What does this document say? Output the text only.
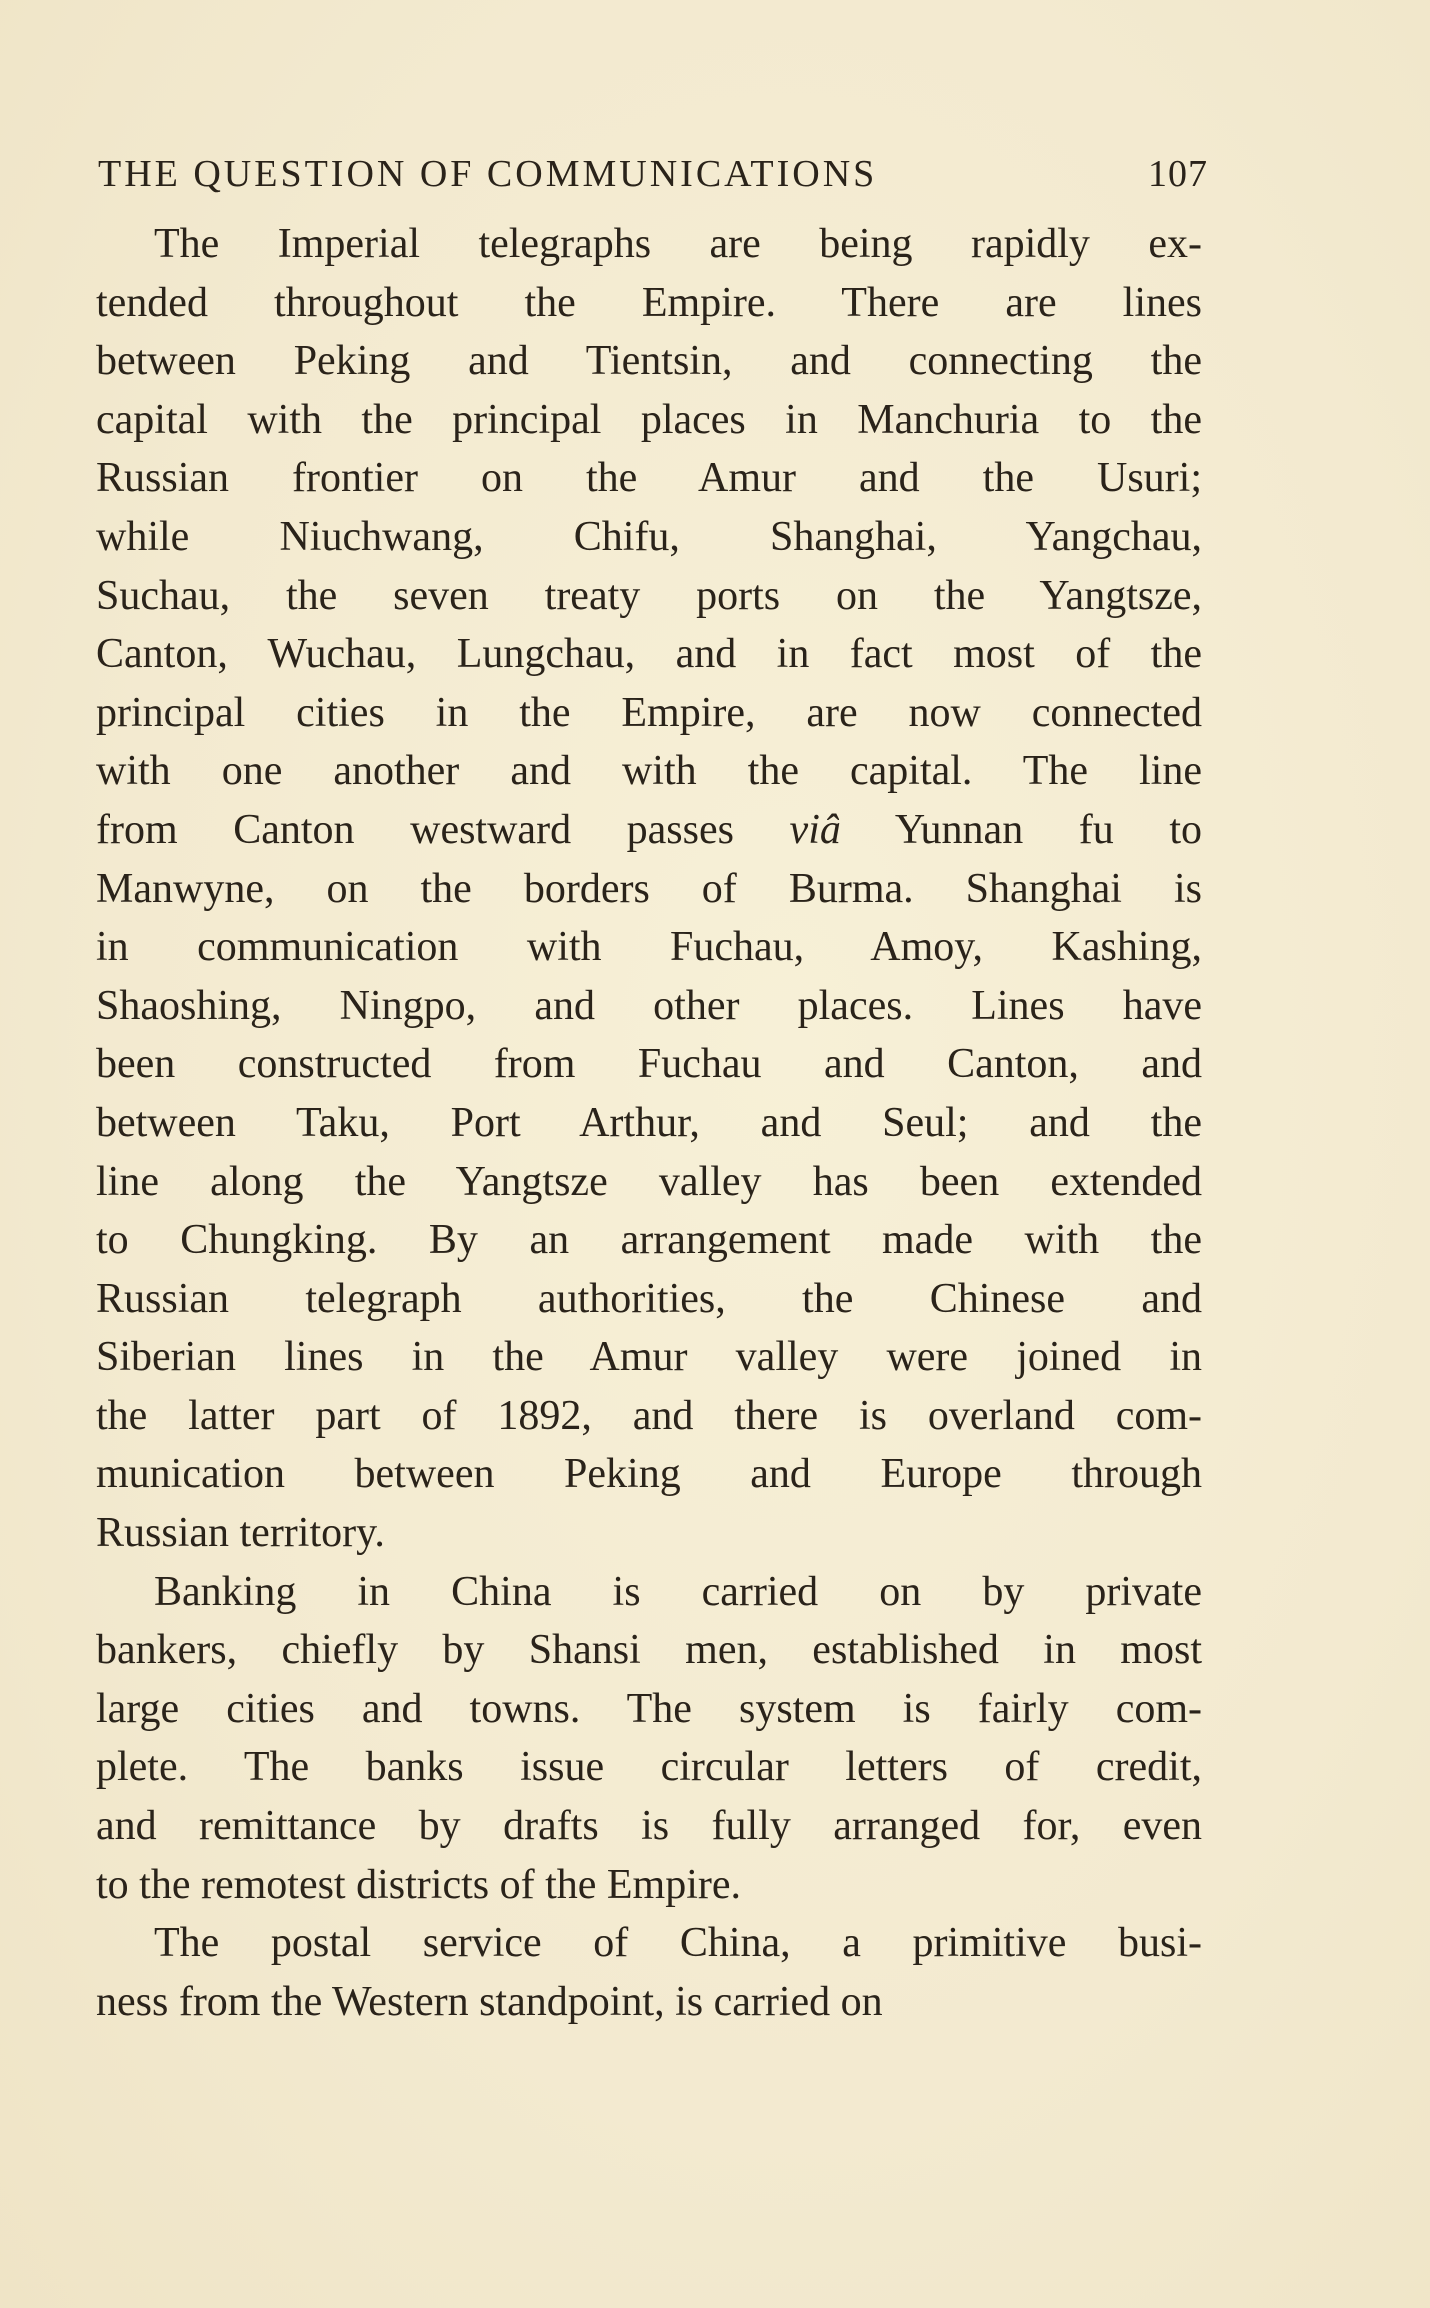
THE QUESTION OF COMMUNICATIONS	107
The Imperial telegraphs are being rapidly ex-
tended throughout the Empire. There are lines
between Peking and Tientsin, and connecting the
capital with the principal places in Manchuria to the
Russian frontier on the Amur and the Usuri;
while Niuchwang, Chifu, Shanghai, Yangchau,
Suchau, the seven treaty ports on the Yangtsze,
Canton, Wuchau, Lungchau, and in fact most of the
principal cities in the Empire, are now connected
with one another and with the capital. The line
from Canton westward passes viâ Yunnan fu to
Manwyne, on the borders of Burma. Shanghai is
in communication with Fuchau, Amoy, Kashing,
Shaoshing, Ningpo, and other places. Lines have
been constructed from Fuchau and Canton, and
between Taku, Port Arthur, and Seul; and the
line along the Yangtsze valley has been extended
to Chungking. By an arrangement made with the
Russian telegraph authorities, the Chinese and
Siberian lines in the Amur valley were joined in
the latter part of 1892, and there is overland com-
munication between Peking and Europe through
Russian territory.
Banking in China is carried on by private
bankers, chiefly by Shansi men, established in most
large cities and towns. The system is fairly com-
plete. The banks issue circular letters of credit,
and remittance by drafts is fully arranged for, even
to the remotest districts of the Empire.
The postal service of China, a primitive busi-
ness from the Western standpoint, is carried on
